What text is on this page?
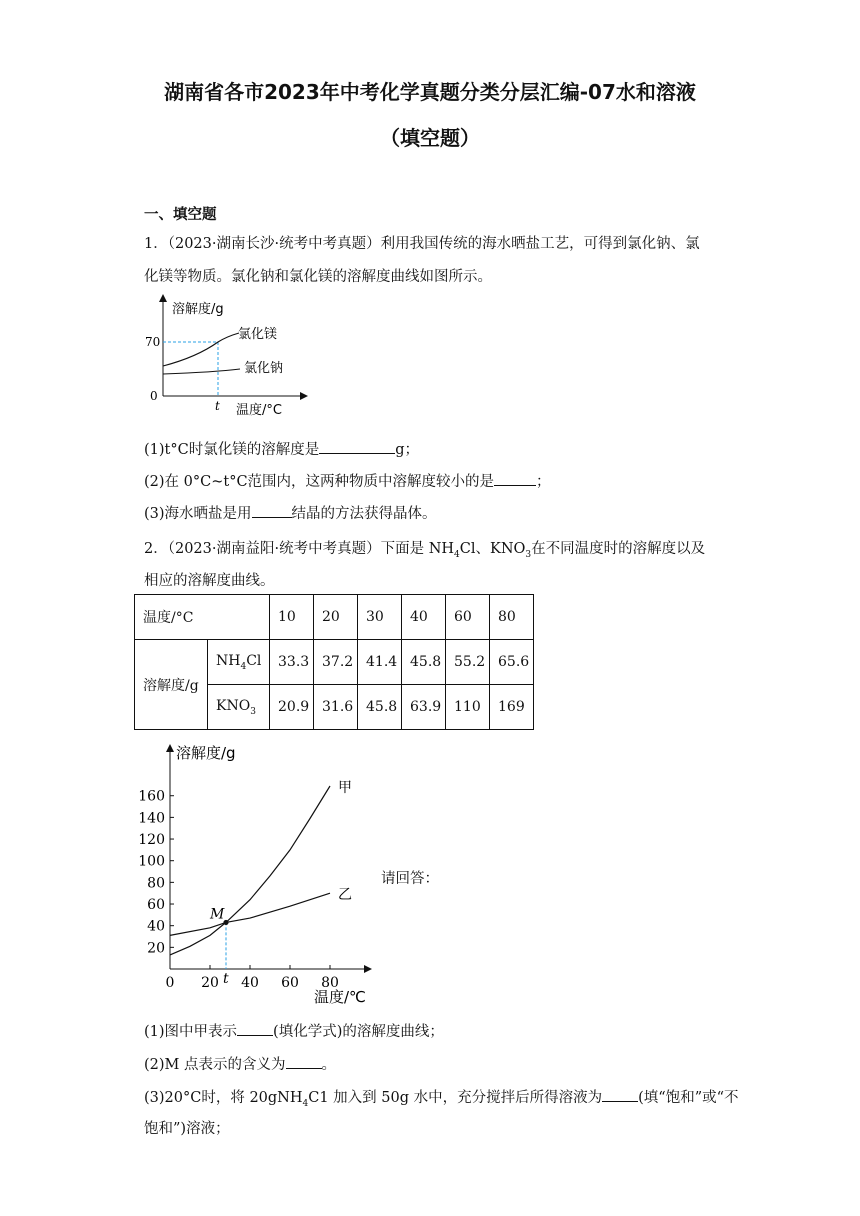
湖南省各市2023年中考化学真题分类分层汇编-07水和溶液
（填空题）
一、填空题
1．（2023·湖南长沙·统考中考真题）利用我国传统的海水晒盐工艺，可得到氯化钠、氯
化镁等物质。氯化钠和氯化镁的溶解度曲线如图所示。
溶解度/g
70
0
t 温度/°C
氯化镁
氯化钠
(1)t°C时氯化镁的溶解度是	g；
(2)在 0°C~t°C范围内，这两种物质中溶解度较小的是	；
(3)海水晒盐是用	结晶的方法获得晶体。
2．（2023·湖南益阳·统考中考真题）下面是 $NH_4Cl$、$KNO_3$在不同温度时的溶解度以及
相应的溶解度曲线。
温度/°C		10	20	30	40	60	80
溶解度/g	$NH_4Cl$	33.3	37.2	41.4	45.8	55.2	65.6
	$KNO_3$	20.9	31.6	45.8	63.9	110	169
20
40
60
80
100
120
140
160
0 20 40 60 80
M
t
甲
乙
溶解度/g
温度/℃
请回答：
(1)图中甲表示 (填化学式)的溶解度曲线；
(2)M 点表示的含义为 。
(3)20°C时，将 20gNH$_4$C1 加入到 50g 水中，充分搅拌后所得溶液为 (填“饱和”或“不
饱和”)溶液；
